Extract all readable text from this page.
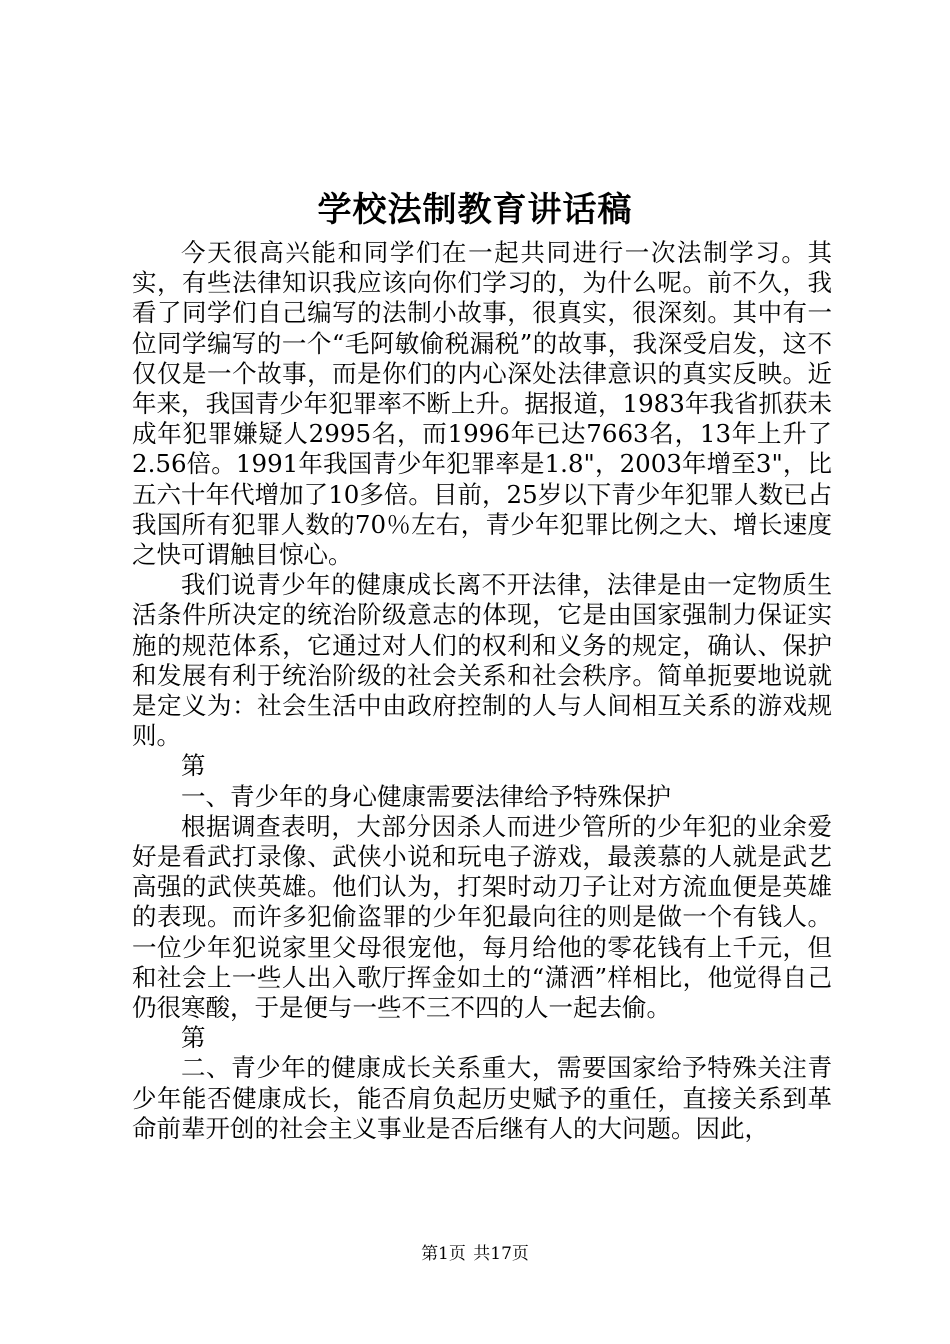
学校法制教育讲话稿

今天很高兴能和同学们在一起共同进行一次法制学习。其实，有些法律知识我应该向你们学习的，为什么呢。前不久，我看了同学们自己编写的法制小故事，很真实，很深刻。其中有一位同学编写的一个“毛阿敏偷税漏税”的故事，我深受启发，这不仅仅是一个故事，而是你们的内心深处法律意识的真实反映。近年来，我国青少年犯罪率不断上升。据报道，1983年我省抓获未成年犯罪嫌疑人2995名，而1996年已达7663名，13年上升了2.56倍。1991年我国青少年犯罪率是1.8"，2003年增至3"，比五六十年代增加了10多倍。目前，25岁以下青少年犯罪人数已占我国所有犯罪人数的70％左右，青少年犯罪比例之大、增长速度之快可谓触目惊心。

我们说青少年的健康成长离不开法律，法律是由一定物质生活条件所决定的统治阶级意志的体现，它是由国家强制力保证实施的规范体系，它通过对人们的权利和义务的规定，确认、保护和发展有利于统治阶级的社会关系和社会秩序。简单扼要地说就是定义为：社会生活中由政府控制的人与人间相互关系的游戏规则。

第

一、青少年的身心健康需要法律给予特殊保护

根据调查表明，大部分因杀人而进少管所的少年犯的业余爱好是看武打录像、武侠小说和玩电子游戏，最羡慕的人就是武艺高强的武侠英雄。他们认为，打架时动刀子让对方流血便是英雄的表现。而许多犯偷盗罪的少年犯最向往的则是做一个有钱人。一位少年犯说家里父母很宠他，每月给他的零花钱有上千元，但和社会上一些人出入歌厅挥金如土的“潇洒”样相比，他觉得自己仍很寒酸，于是便与一些不三不四的人一起去偷。

第

二、青少年的健康成长关系重大，需要国家给予特殊关注青少年能否健康成长，能否肩负起历史赋予的重任，直接关系到革命前辈开创的社会主义事业是否后继有人的大问题。因此，

第1页 共17页
